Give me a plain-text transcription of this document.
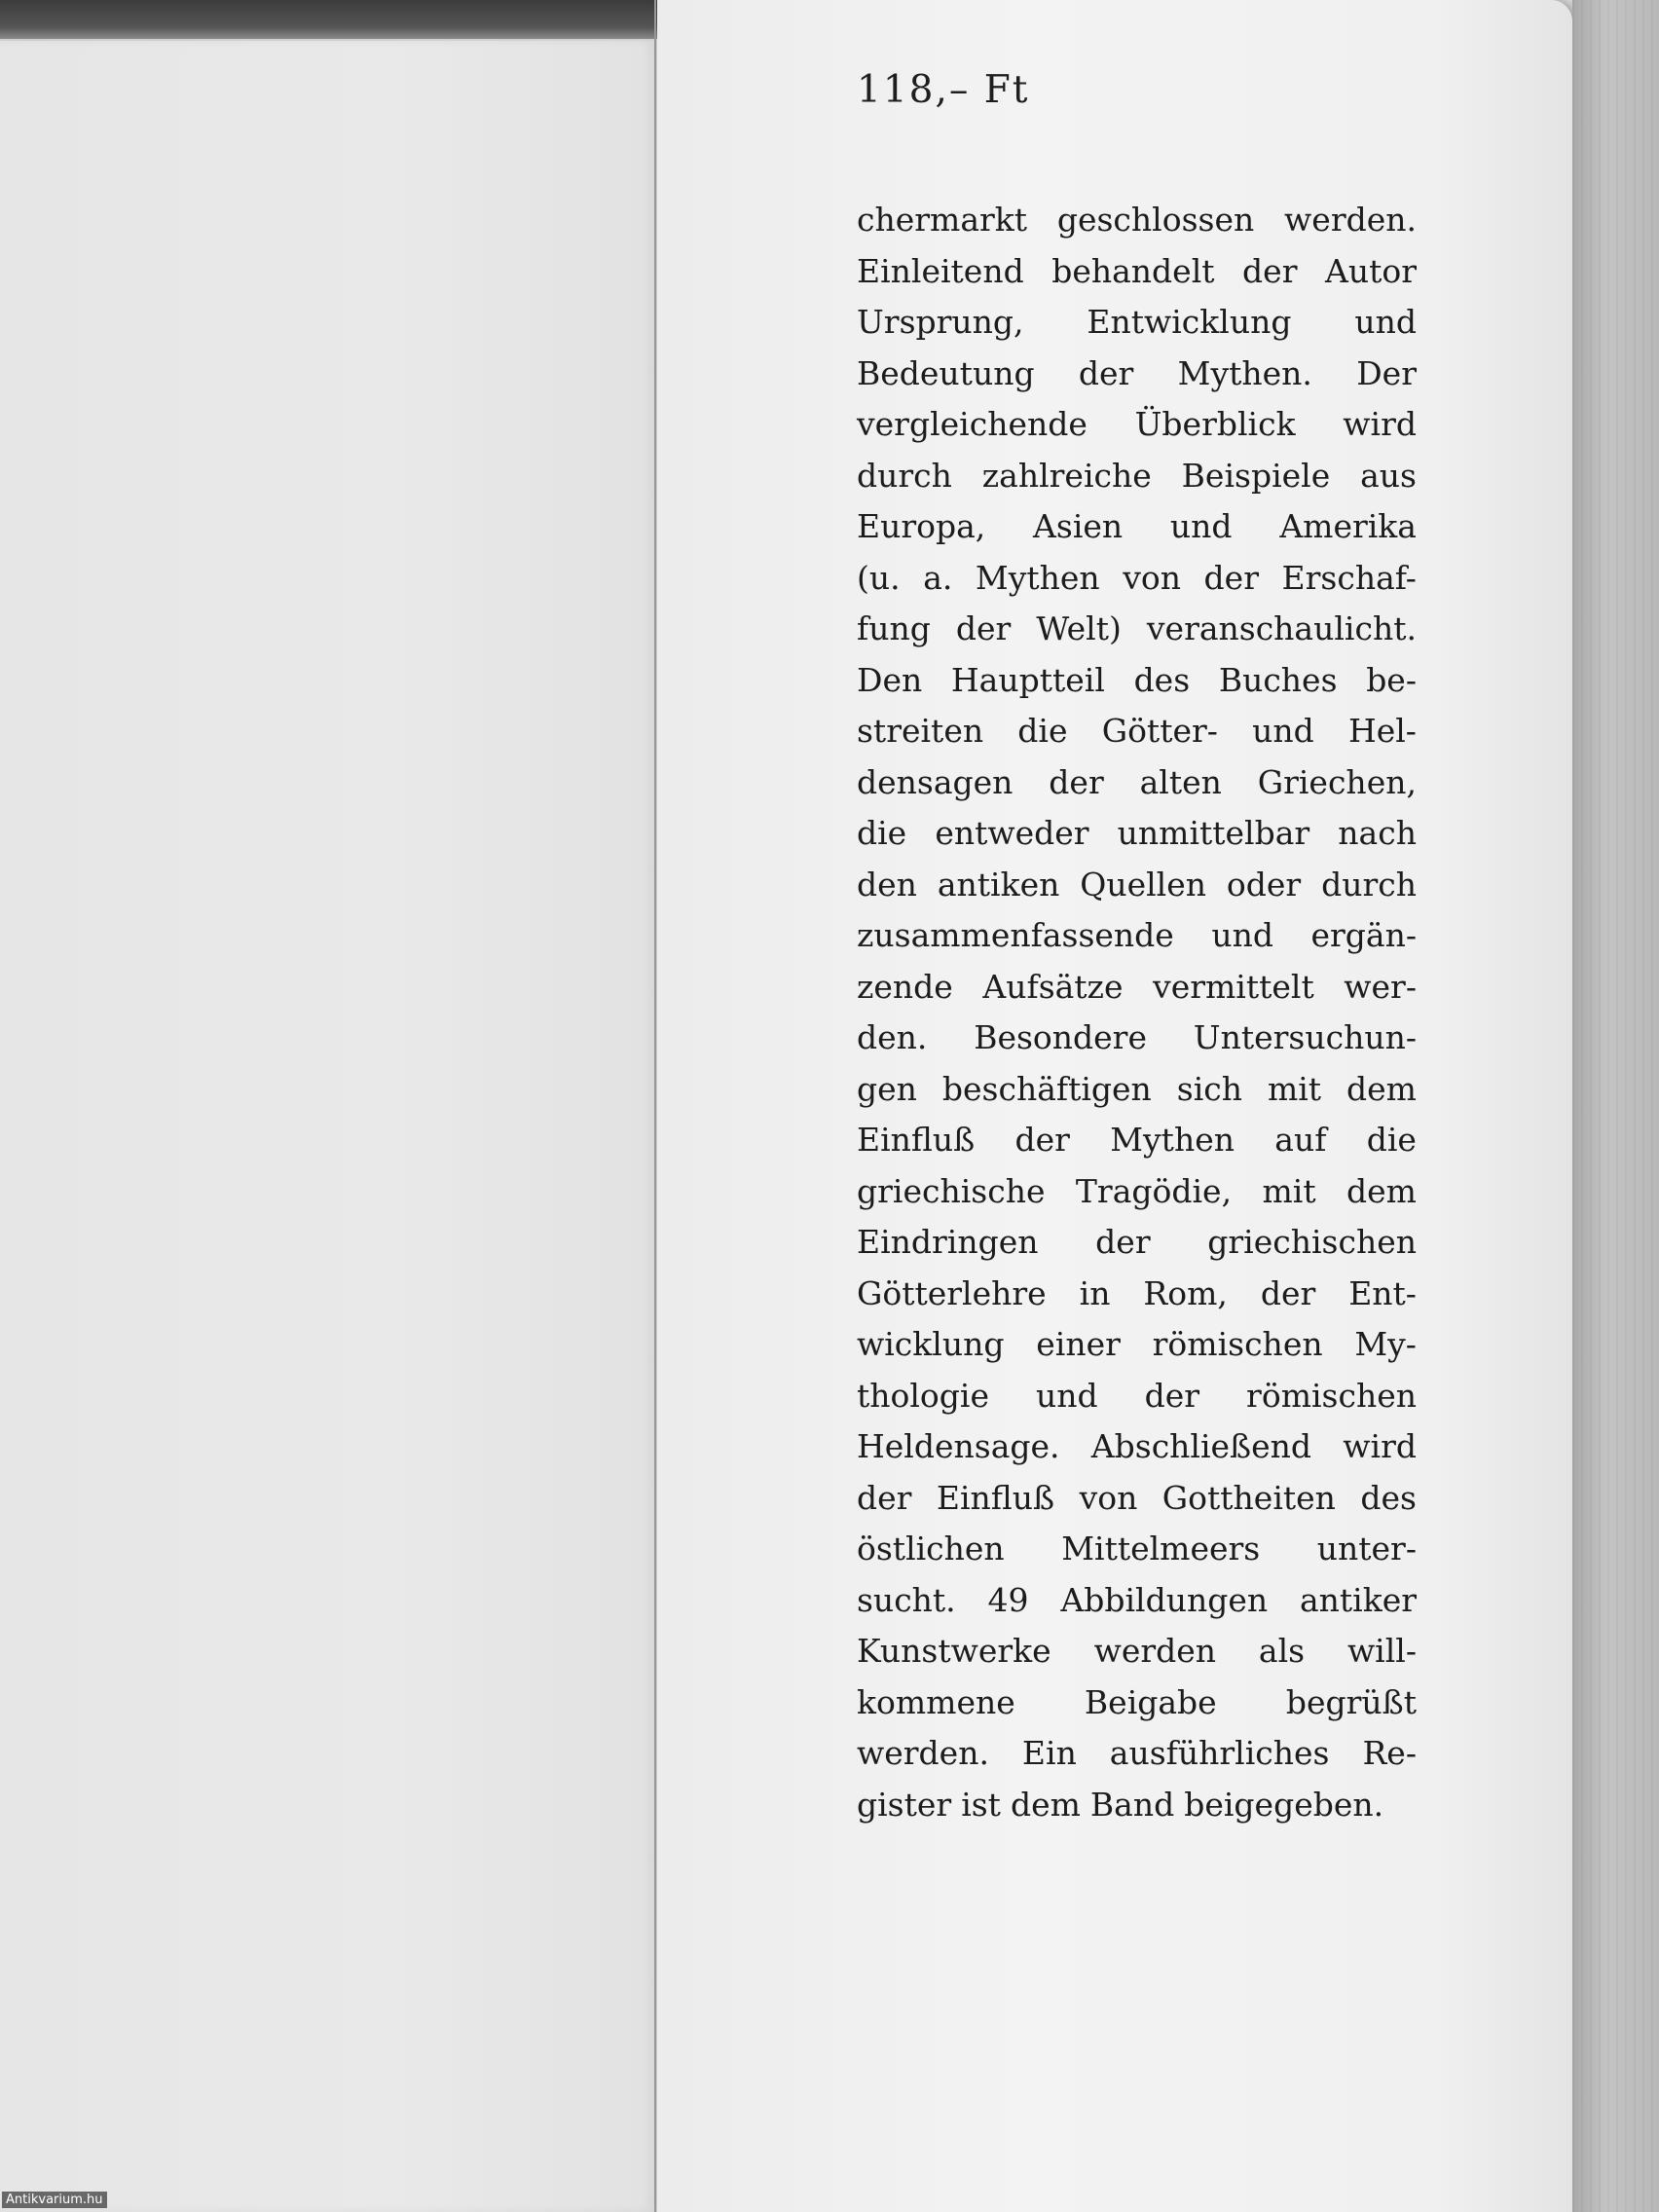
118,– Ft

chermarkt geschlossen werden.
Einleitend behandelt der Autor
Ursprung, Entwicklung und
Bedeutung der Mythen. Der
vergleichende Überblick wird
durch zahlreiche Beispiele aus
Europa, Asien und Amerika
(u. a. Mythen von der Erschaf-
fung der Welt) veranschaulicht.
Den Hauptteil des Buches be-
streiten die Götter- und Hel-
densagen der alten Griechen,
die entweder unmittelbar nach
den antiken Quellen oder durch
zusammenfassende und ergän-
zende Aufsätze vermittelt wer-
den. Besondere Untersuchun-
gen beschäftigen sich mit dem
Einfluß der Mythen auf die
griechische Tragödie, mit dem
Eindringen der griechischen
Götterlehre in Rom, der Ent-
wicklung einer römischen My-
thologie und der römischen
Heldensage. Abschließend wird
der Einfluß von Gottheiten des
östlichen Mittelmeers unter-
sucht. 49 Abbildungen antiker
Kunstwerke werden als will-
kommene Beigabe begrüßt
werden. Ein ausführliches Re-
gister ist dem Band beigegeben.

Antikvarium.hu
